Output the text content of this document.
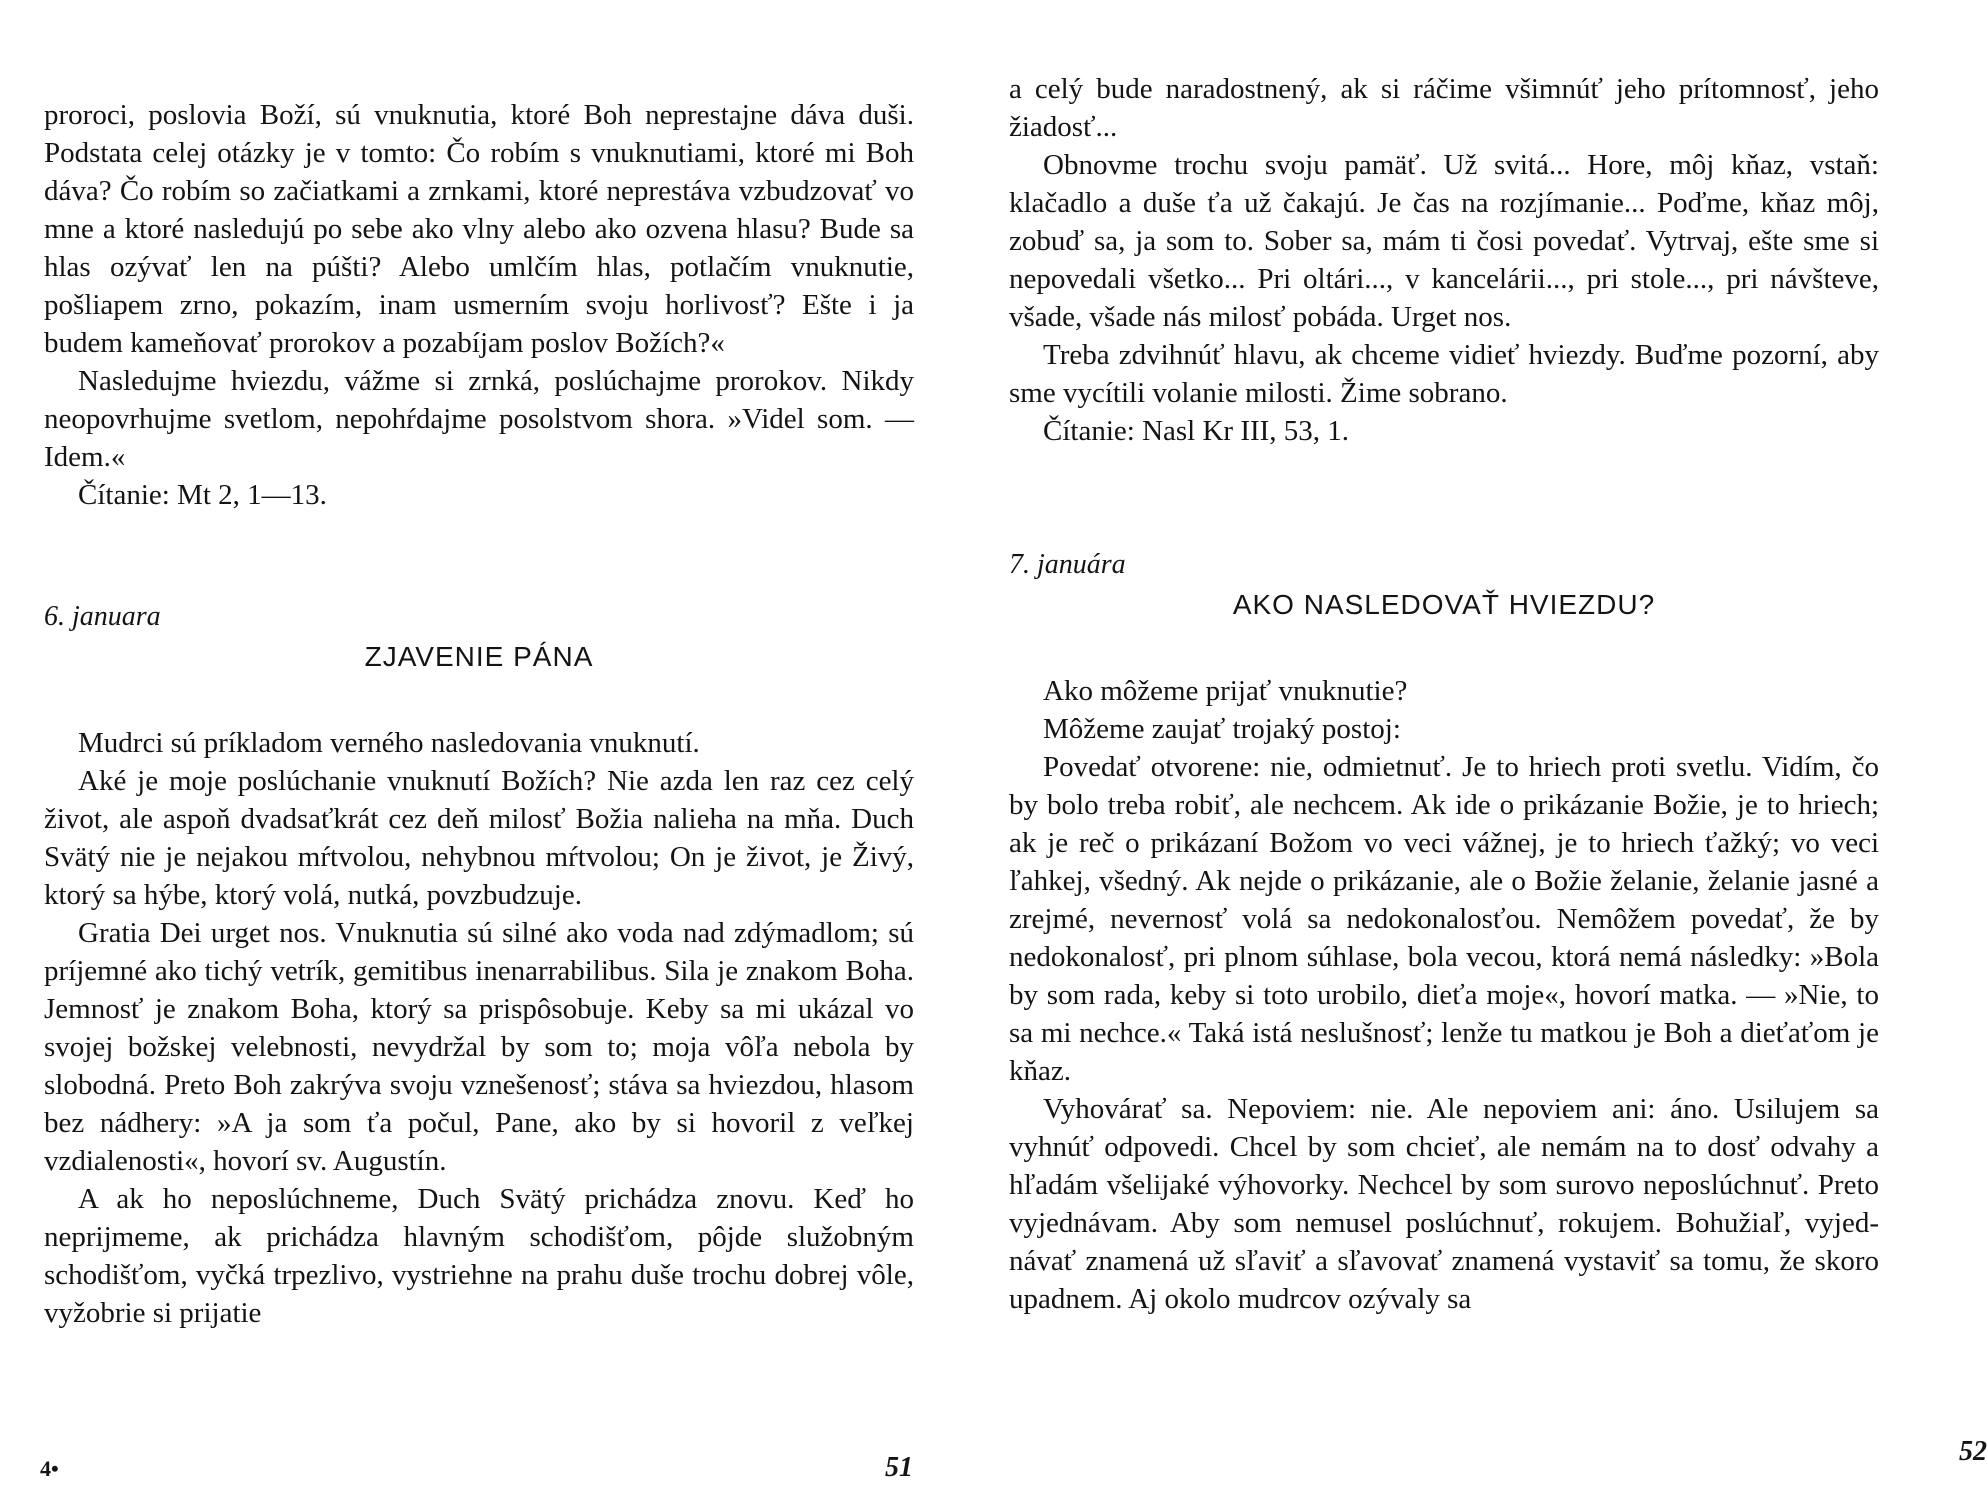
proroci, poslovia Boží, sú vnuknutia, ktoré Boh neprestajne dáva duši. Podstata celej otázky je v tomto: Čo robím s vnuknutiami, ktoré mi Boh dáva? Čo robím so začiatkami a zrnkami, ktoré neprestáva vzbudzovať vo mne a ktoré nasledujú po sebe ako vlny alebo ako ozvena hlasu? Bude sa hlas ozývať len na púšti? Alebo umlčím hlas, potlačím vnuknutie, pošliapem zrno, pokazím, inam usmerním svoju horlivosť? Ešte i ja budem kameňovať prorokov a pozabíjam poslov Božích?«

Nasledujme hviezdu, vážme si zrnká, poslúchajme prorokov. Nikdy neopovrhujme svetlom, nepohŕdajme posolstvom shora. »Videl som. — Idem.«

Čítanie: Mt 2, 1—13.

6. januara

ZJAVENIE PÁNA

Mudrci sú príkladom verného nasledovania vnuknutí.

Aké je moje poslúchanie vnuknutí Božích? Nie azda len raz cez celý život, ale aspoň dvadsaťkrát cez deň milosť Božia nalieha na mňa. Duch Svätý nie je nejakou mŕtvolou, nehybnou mŕtvolou; On je život, je Živý, ktorý sa hýbe, ktorý volá, nutká, povzbudzuje.

Gratia Dei urget nos. Vnuknutia sú silné ako voda nad zdýmadlom; sú príjemné ako tichý vetrík, gemitibus inenarrabilibus. Sila je znakom Boha. Jemnosť je znakom Boha, ktorý sa prispôsobuje. Keby sa mi ukázal vo svojej božskej velebnosti, nevydržal by som to; moja vôľa nebola by slobodná. Preto Boh zakrýva svoju vznešenosť; stáva sa hviezdou, hlasom bez nádhery: »A ja som ťa počul, Pane, ako by si hovoril z veľkej vzdialenosti«, hovorí sv. Augustín.

A ak ho neposlúchneme, Duch Svätý prichádza znovu. Keď ho neprijmeme, ak prichádza hlavným schodišťom, pôjde služobným schodišťom, vyčká trpezlivo, vystriehne na prahu duše trochu dobrej vôle, vyžobrie si prijatie

4•	51

a celý bude naradostnený, ak si ráčime všimnúť jeho prítomnosť, jeho žiadosť...

Obnovme trochu svoju pamäť. Už svitá... Hore, môj kňaz, vstaň: klačadlo a duše ťa už čakajú. Je čas na rozjímanie... Poďme, kňaz môj, zobuď sa, ja som to. Sober sa, mám ti čosi povedať. Vytrvaj, ešte sme si nepovedali všetko... Pri oltári..., v kancelárii..., pri stole..., pri návšteve, všade, všade nás milosť pobáda. Urget nos.

Treba zdvihnúť hlavu, ak chceme vidieť hviezdy. Buďme pozorní, aby sme vycítili volanie milosti. Žime sobrano.

Čítanie: Nasl Kr III, 53, 1.

7. januára

AKO NASLEDOVAŤ HVIEZDU?

Ako môžeme prijať vnuknutie?

Môžeme zaujať trojaký postoj:

Povedať otvorene: nie, odmietnuť. Je to hriech proti svetlu. Vidím, čo by bolo treba robiť, ale nechcem. Ak ide o prikázanie Božie, je to hriech; ak je reč o prikázaní Božom vo veci vážnej, je to hriech ťažký; vo veci ľahkej, všedný. Ak nejde o prikázanie, ale o Božie želanie, želanie jasné a zrejmé, nevernosť volá sa nedokonalosťou. Nemôžem povedať, že by nedokonalosť, pri plnom súhlase, bola vecou, ktorá nemá následky: »Bola by som rada, keby si toto urobilo, dieťa moje«, hovorí matka. — »Nie, to sa mi nechce.« Taká istá neslušnosť; lenže tu matkou je Boh a dieťaťom je kňaz.

Vyhovárať sa. Nepoviem: nie. Ale nepoviem ani: áno. Usilujem sa vyhnúť odpovedi. Chcel by som chcieť, ale nemám na to dosť odvahy a hľadám všelijaké výhovorky. Nechcel by som surovo neposlúchnuť. Preto vyjednávam. Aby som nemusel poslúchnuť, rokujem. Bohužiaľ, vyjednávať znamená už sľaviť a sľavovať znamená vystaviť sa tomu, že skoro upadnem. Aj okolo mudrcov ozývaly sa

52
